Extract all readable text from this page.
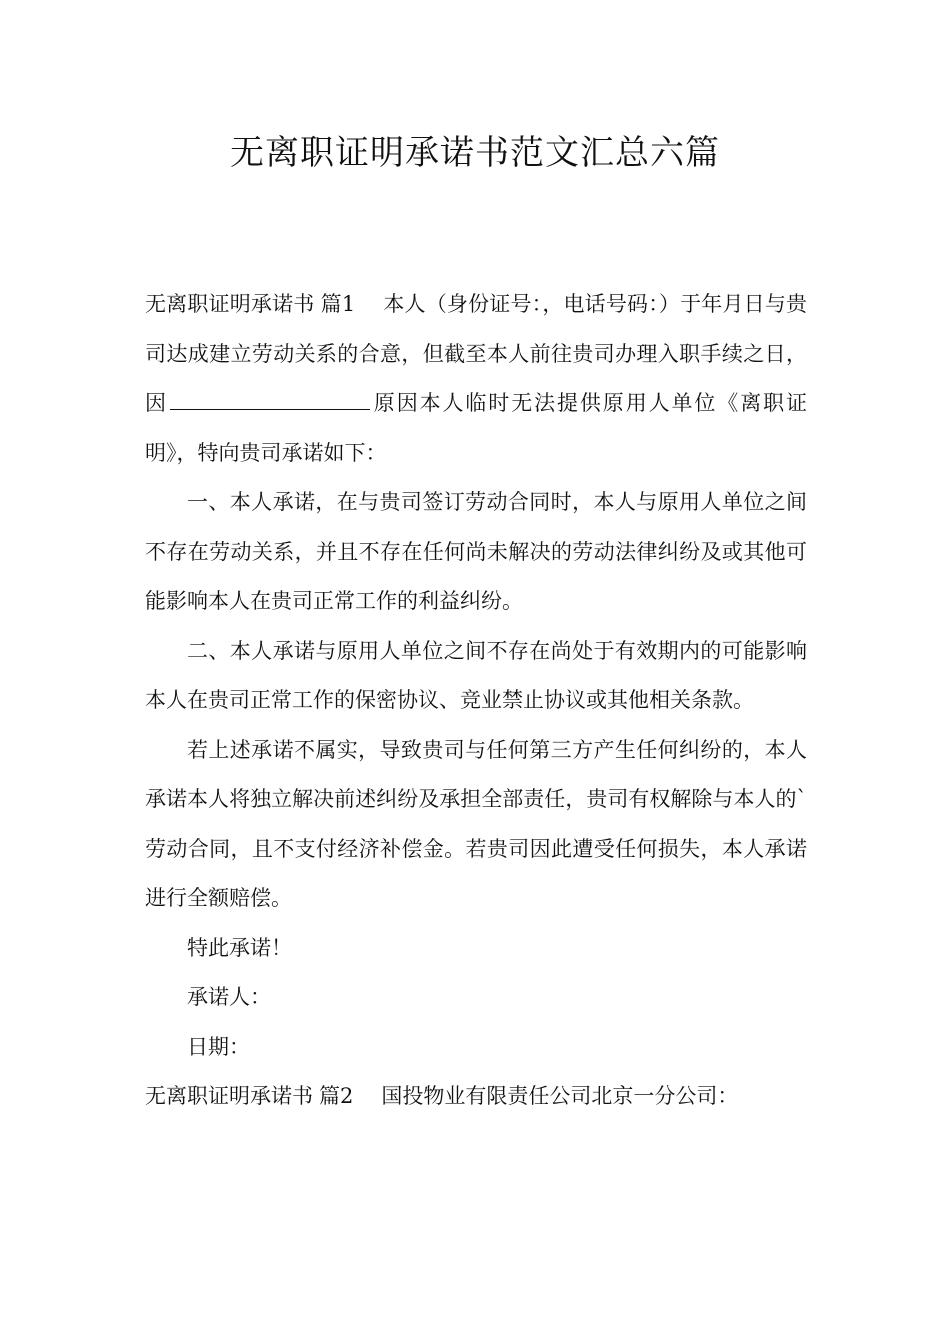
无离职证明承诺书范文汇总六篇

无离职证明承诺书 篇1 本人（身份证号：，电话号码：）于年月日与贵司达成建立劳动关系的合意，但截至本人前往贵司办理入职手续之日，因	原因本人临时无法提供原用人单位《离职证明》，特向贵司承诺如下：

一、本人承诺，在与贵司签订劳动合同时，本人与原用人单位之间不存在劳动关系，并且不存在任何尚未解决的劳动法律纠纷及或其他可能影响本人在贵司正常工作的利益纠纷。

二、本人承诺与原用人单位之间不存在尚处于有效期内的可能影响本人在贵司正常工作的保密协议、竞业禁止协议或其他相关条款。

若上述承诺不属实，导致贵司与任何第三方产生任何纠纷的，本人承诺本人将独立解决前述纠纷及承担全部责任，贵司有权解除与本人的`劳动合同，且不支付经济补偿金。若贵司因此遭受任何损失，本人承诺进行全额赔偿。

特此承诺！

承诺人：

日期：

无离职证明承诺书 篇2 国投物业有限责任公司北京一分公司：
